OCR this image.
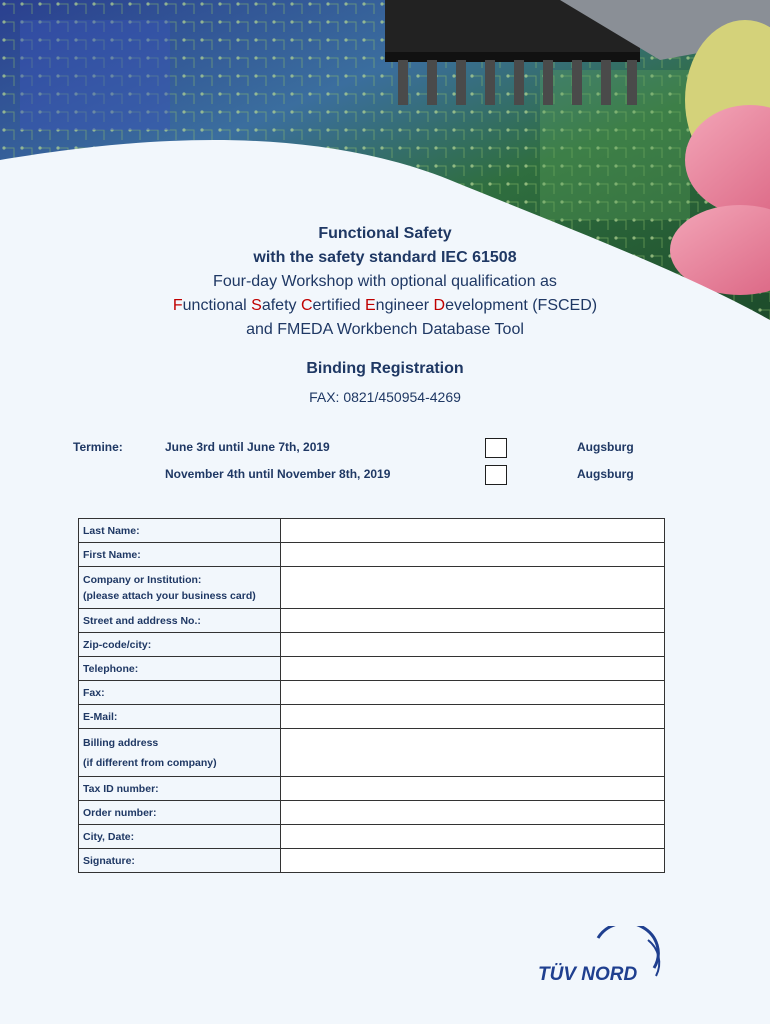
Functional Safety
with the safety standard IEC 61508
Four-day Workshop with optional qualification as
Functional Safety Certified Engineer Development (FSCED)
and FMEDA Workbench Database Tool
Binding Registration
FAX: 0821/450954-4269
Termine:	June 3rd until June 7th, 2019	Augsburg
November 4th until November 8th, 2019	Augsburg
Last Name:	
First Name:	

Company or Institution:
(please attach your business card)

Street and address No.:	
Zip-code/city:	
Telephone:	
Fax:	
E-Mail:	

Billing address
(if different from company)

Tax ID number:	
Order number:	
City, Date:	
Signature:	
TÜV NORD
